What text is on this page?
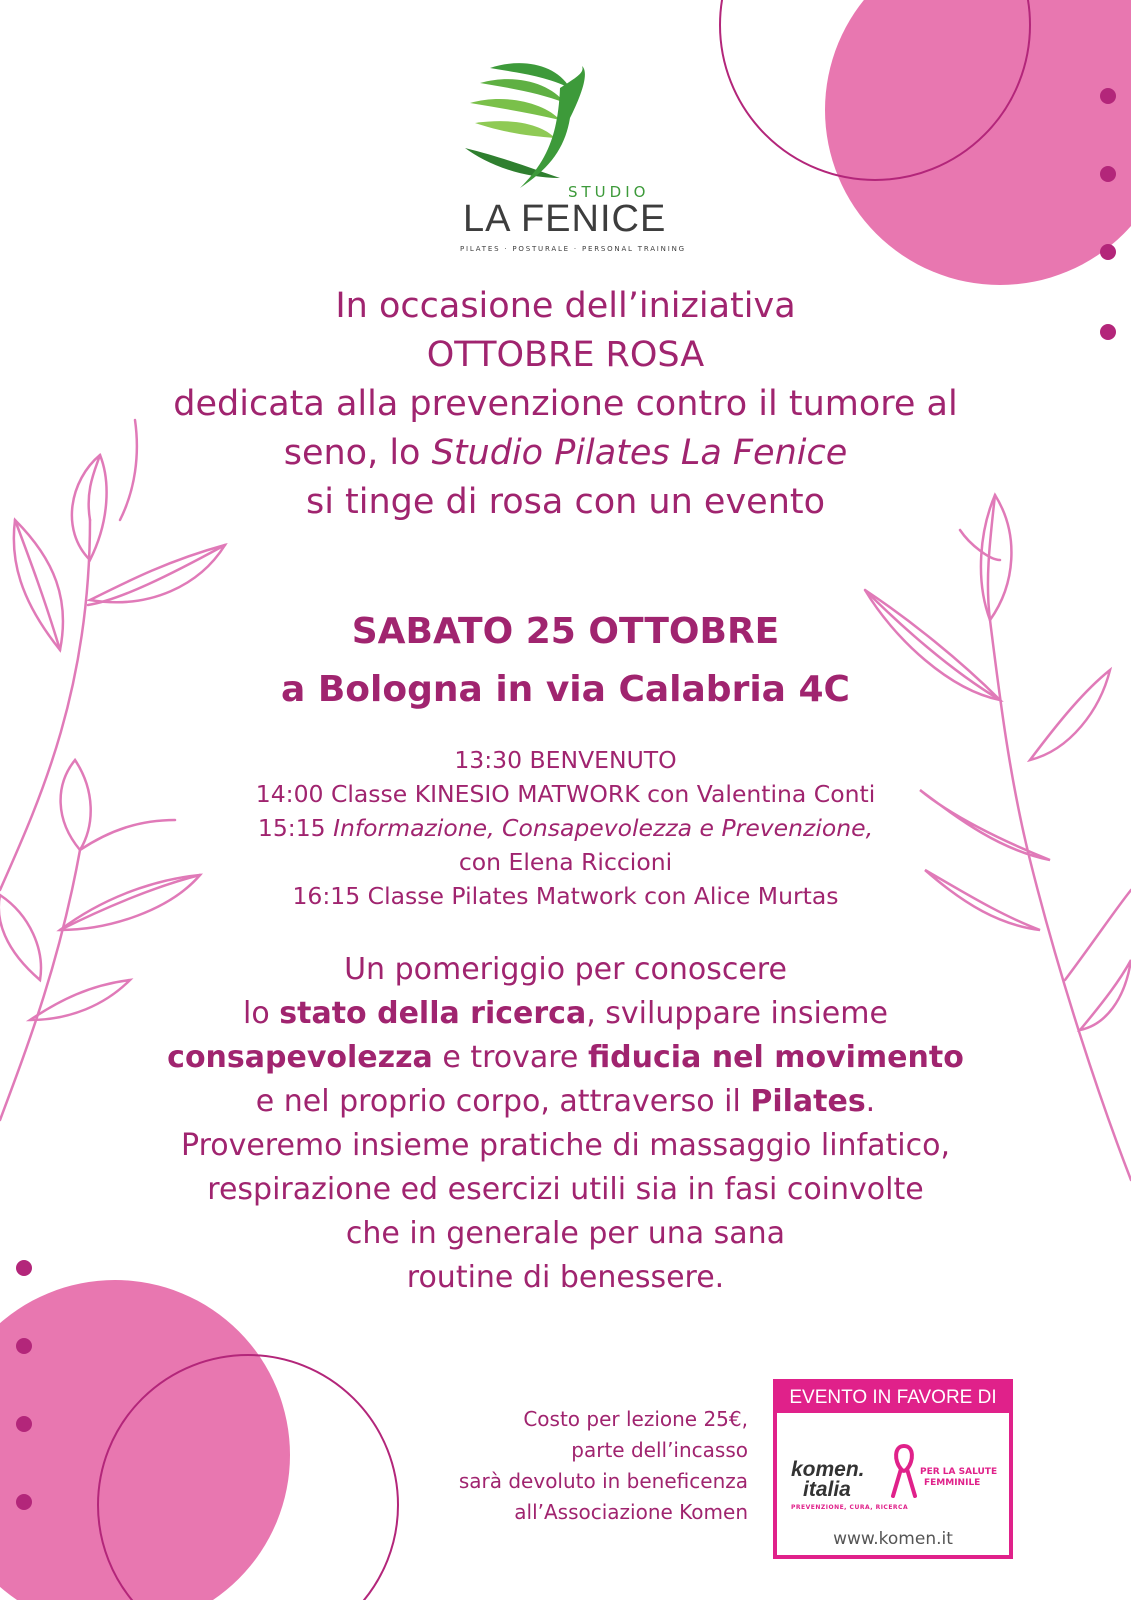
STUDIO
LA FENICE
PILATES · POSTURALE · PERSONAL TRAINING
In occasione dell’iniziativa
OTTOBRE ROSA
dedicata alla prevenzione contro il tumore al
seno, lo Studio Pilates La Fenice
si tinge di rosa con un evento
SABATO 25 OTTOBRE
a Bologna in via Calabria 4C
13:30 BENVENUTO
14:00 Classe KINESIO MATWORK con Valentina Conti
15:15 Informazione, Consapevolezza e Prevenzione,
con Elena Riccioni
16:15 Classe Pilates Matwork con Alice Murtas
Un pomeriggio per conoscere
lo stato della ricerca, sviluppare insieme
consapevolezza e trovare fiducia nel movimento
e nel proprio corpo, attraverso il Pilates.
Proveremo insieme pratiche di massaggio linfatico,
respirazione ed esercizi utili sia in fasi coinvolte
che in generale per una sana
routine di benessere.
Costo per lezione 25€,
parte dell’incasso
sarà devoluto in beneficenza
all’Associazione Komen
EVENTO IN FAVORE DI
komen.
italia
PER LA SALUTE
FEMMINILE
PREVENZIONE, CURA, RICERCA
www.komen.it
